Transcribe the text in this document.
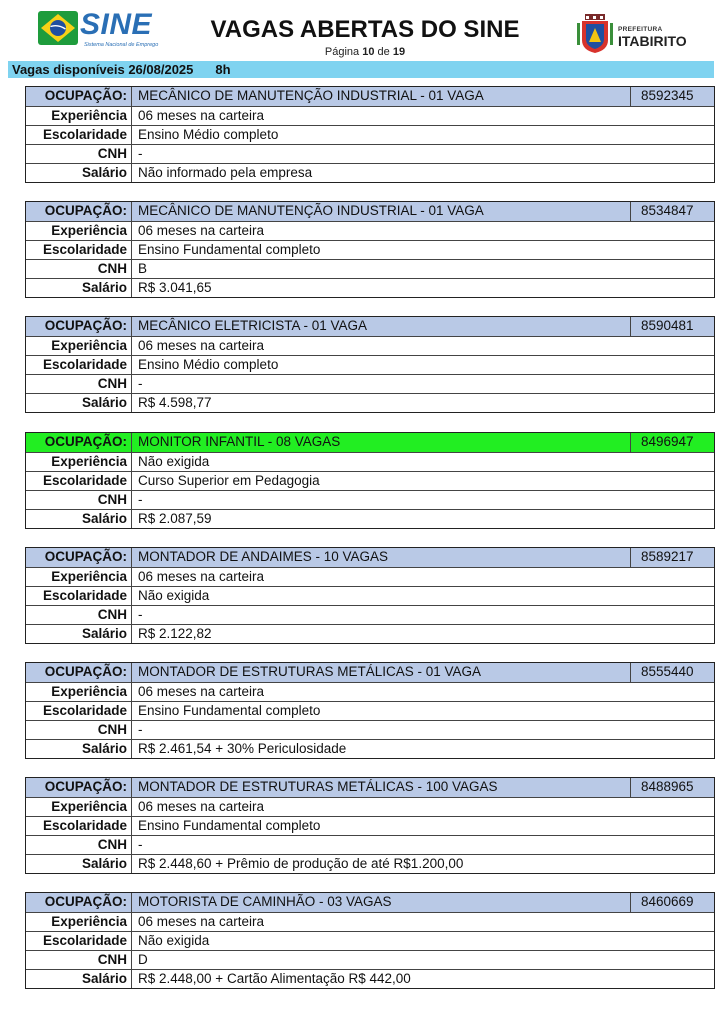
SINE
Sistema Nacional de Emprego
VAGAS ABERTAS DO SINE
Página 10 de 19
PREFEITURA
ITABIRITO
Vagas disponíveis 26/08/2025 8h
OCUPAÇÃO: MECÂNICO DE MANUTENÇÃO INDUSTRIAL - 01 VAGA	8592345
Experiência 06 meses na carteira
Escolaridade Ensino Médio completo
CNH -
Salário Não informado pela empresa
OCUPAÇÃO: MECÂNICO DE MANUTENÇÃO INDUSTRIAL - 01 VAGA	8534847
Experiência 06 meses na carteira
Escolaridade Ensino Fundamental completo
CNH B
Salário R$ 3.041,65
OCUPAÇÃO: MECÂNICO ELETRICISTA - 01 VAGA	8590481
Experiência 06 meses na carteira
Escolaridade Ensino Médio completo
CNH -
Salário R$ 4.598,77
OCUPAÇÃO: MONITOR INFANTIL - 08 VAGAS	8496947
Experiência Não exigida
Escolaridade Curso Superior em Pedagogia
CNH -
Salário R$ 2.087,59
OCUPAÇÃO: MONTADOR DE ANDAIMES - 10 VAGAS	8589217
Experiência 06 meses na carteira
Escolaridade Não exigida
CNH -
Salário R$ 2.122,82
OCUPAÇÃO: MONTADOR DE ESTRUTURAS METÁLICAS - 01 VAGA	8555440
Experiência 06 meses na carteira
Escolaridade Ensino Fundamental completo
CNH -
Salário R$ 2.461,54 + 30% Periculosidade
OCUPAÇÃO: MONTADOR DE ESTRUTURAS METÁLICAS - 100 VAGAS	8488965
Experiência 06 meses na carteira
Escolaridade Ensino Fundamental completo
CNH -
Salário R$ 2.448,60 + Prêmio de produção de até R$1.200,00
OCUPAÇÃO: MOTORISTA DE CAMINHÃO - 03 VAGAS	8460669
Experiência 06 meses na carteira
Escolaridade Não exigida
CNH D
Salário R$ 2.448,00 + Cartão Alimentação R$ 442,00
